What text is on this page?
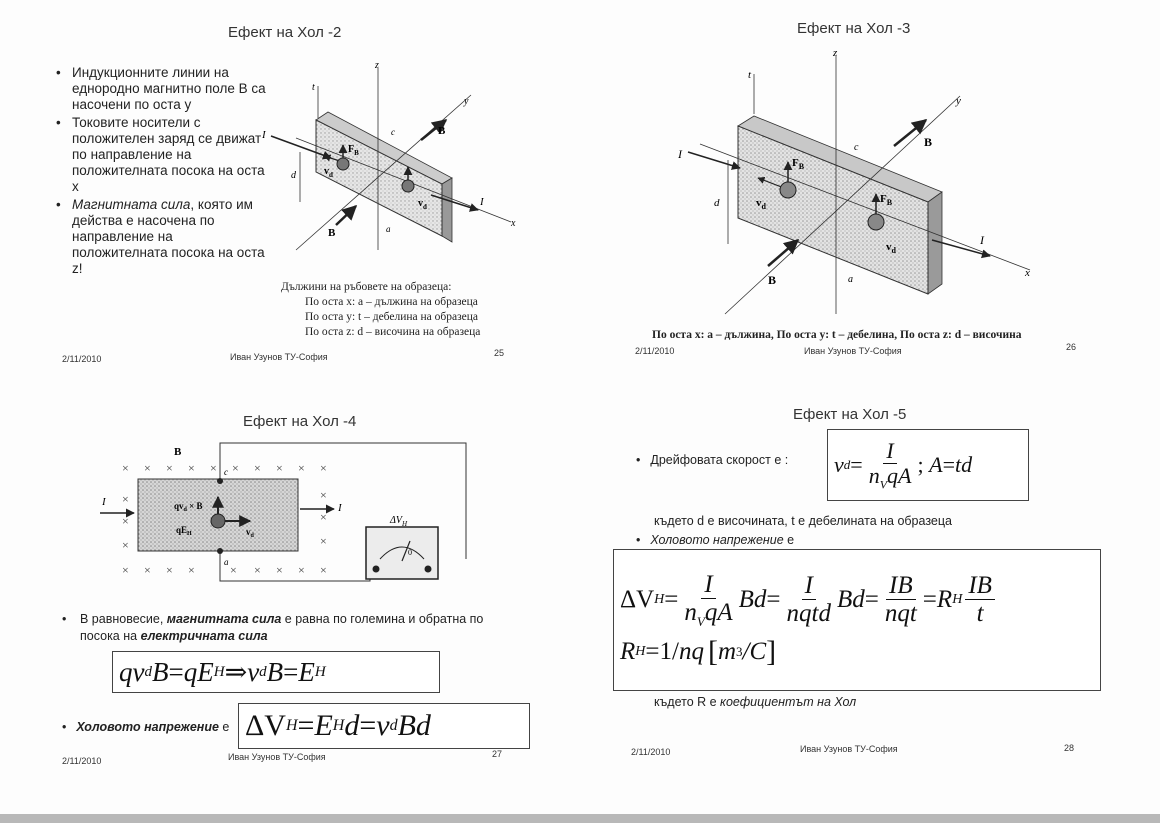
Ефект на Хол -2
• Индукционните линии на еднородно магнитно поле B са насочени по оста y
• Токовите носители с положителен заряд се движат по направление на положителната посока на оста x
• Магнитната сила, която им действа е насочена по направление на положителната посока на оста z!
z
y
x
t
I
I
B
B
d
c
a
$F_B$
$v_d$
$v_d$
Дължини на ръбовете на образеца:
По оста x: a – дължина на образеца
По оста y: t – дебелина на образеца
По оста z: d – височина на образеца
2/11/2010	Иван Узунов ТУ-София	25
Ефект на Хол -3
z
y
x
t
I
I
B
B
d
c
a
$F_B$
$F_B$
$v_d$
$v_d$
По оста x: a – дължина, По оста y: t – дебелина, По оста z: d – височина
2/11/2010	Иван Узунов ТУ-София	26
Ефект на Хол -4
× × × × × × × × × ×
×
×
×
×
×
×
× × × ×	× × × × ×
B
I	I
c
a
$qv_d \times B$
$qE_H$	$v_d$
$\Delta V_H$
0
•	В равновесие, магнитната сила е равна по големина и обратна по посока на електричната сила
q v d B = q E H ⇒ v d B = E H
• Холовото напрежение е ΔV H = E H d = v d B d
2/11/2010	Иван Узунов ТУ-София	27
Ефект на Хол -5
• Дрейфовата скорост е : v $d = \frac{I}{n_VqA}$ ;
A = td
където d е височината, t е дебелината на образеца
• Холовото напрежение е
ΔV $H = \frac{I}{n_VqA}$ $Bd = \frac{I}{\text{nqtd}}$ $Bd = \frac{IB}{\text{nqt}} = R$ H $\frac{IB}{t}$
R H = 1/ nq [ m 3 /C ]
където R е коефициентът на Хол
2/11/2010	Иван Узунов ТУ-София	28
